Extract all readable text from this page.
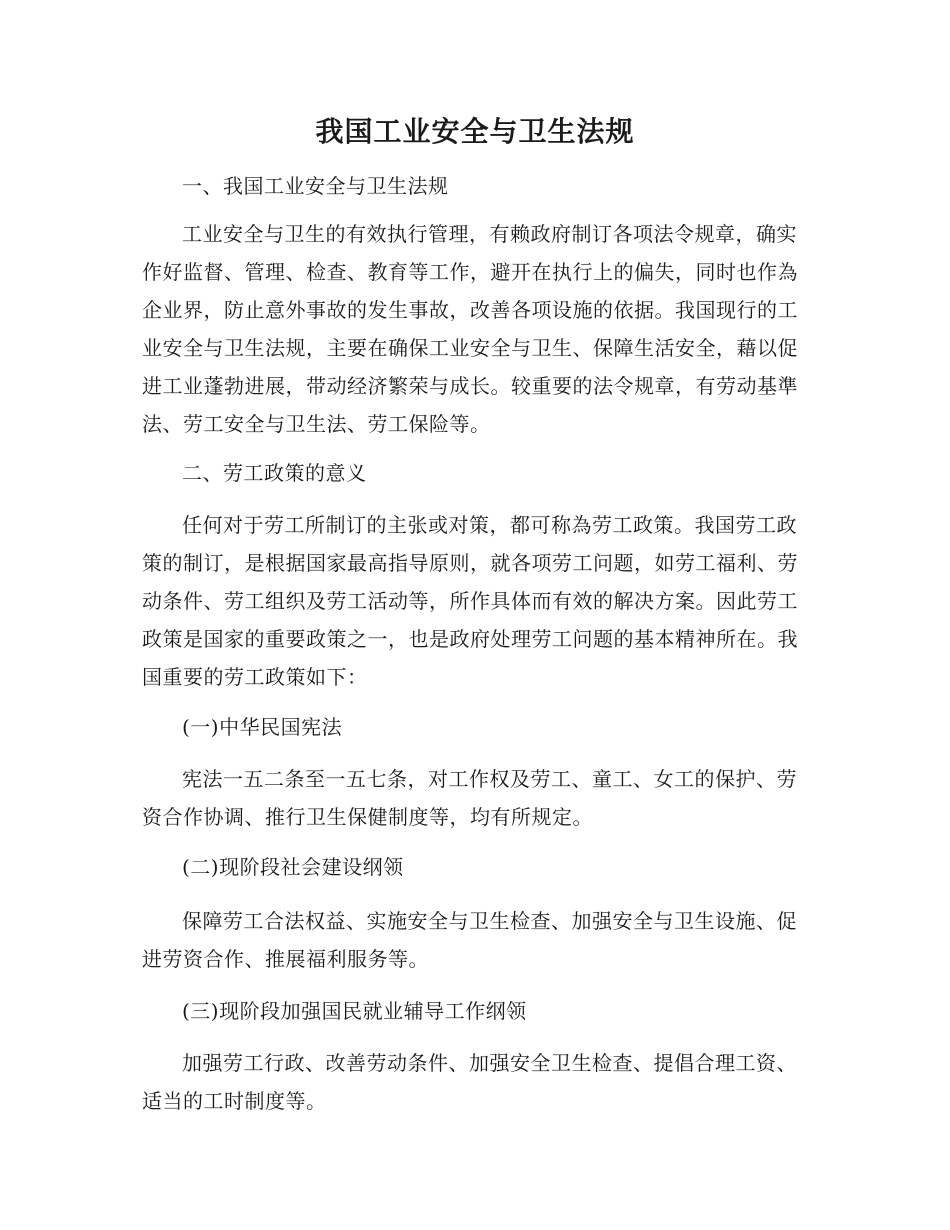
我国工业安全与卫生法规

一、我国工业安全与卫生法规

工业安全与卫生的有效执行管理，有赖政府制订各项法令规章，确实作好监督、管理、检查、教育等工作，避开在执行上的偏失，同时也作為企业界，防止意外事故的发生事故，改善各项设施的依据。我国现行的工业安全与卫生法规，主要在确保工业安全与卫生、保障生活安全，藉以促进工业蓬勃进展，带动经济繁荣与成长。较重要的法令规章，有劳动基準法、劳工安全与卫生法、劳工保险等。

二、劳工政策的意义

任何对于劳工所制订的主张或对策，都可称為劳工政策。我国劳工政策的制订，是根据国家最高指导原则，就各项劳工问题，如劳工福利、劳动条件、劳工组织及劳工活动等，所作具体而有效的解决方案。因此劳工政策是国家的重要政策之一，也是政府处理劳工问题的基本精神所在。我国重要的劳工政策如下：

(一)中华民国宪法

宪法一五二条至一五七条，对工作权及劳工、童工、女工的保护、劳资合作协调、推行卫生保健制度等，均有所规定。

(二)现阶段社会建设纲领

保障劳工合法权益、实施安全与卫生检查、加强安全与卫生设施、促进劳资合作、推展福利服务等。

(三)现阶段加强国民就业辅导工作纲领

加强劳工行政、改善劳动条件、加强安全卫生检查、提倡合理工资、适当的工时制度等。
